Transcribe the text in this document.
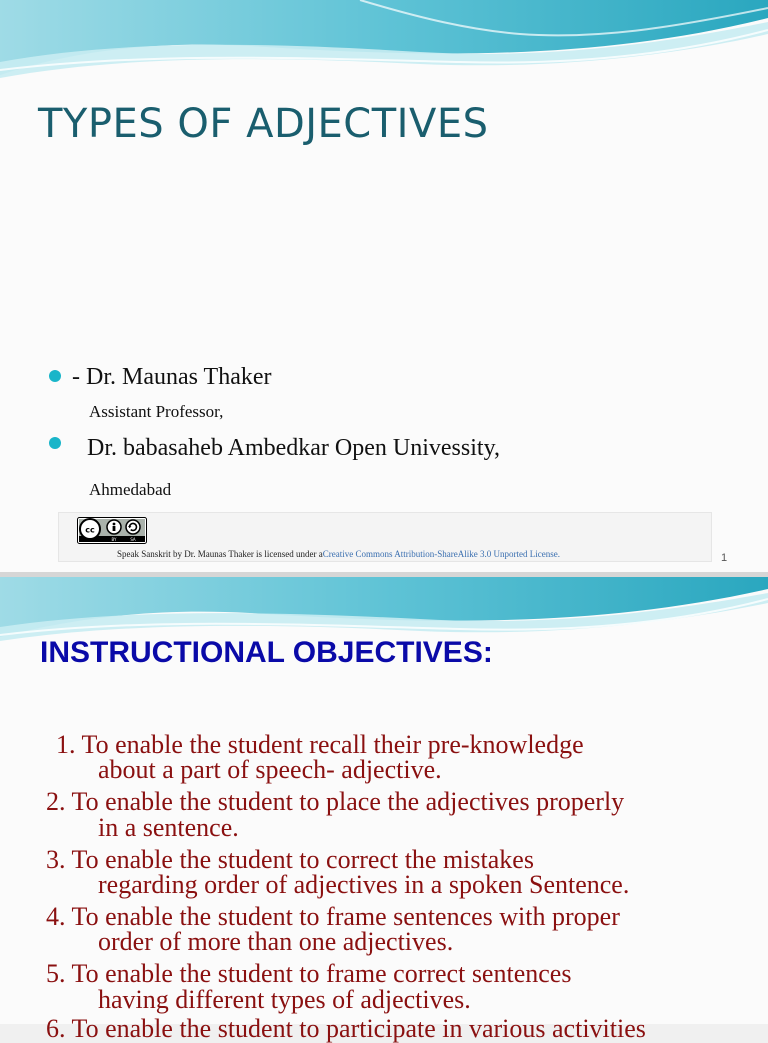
TYPES OF ADJECTIVES
- Dr. Maunas Thaker
Assistant Professor,
Dr. babasaheb Ambedkar Open Univessity,
Ahmedabad
cc
BY	SA
Speak Sanskrit by Dr. Maunas Thaker is licensed under aCreative Commons Attribution-ShareAlike 3.0 Unported License.	1
INSTRUCTIONAL OBJECTIVES:
1. To enable the student recall their pre-knowledge
about a part of speech- adjective.
2. To enable the student to place the adjectives properly
in a sentence.
3. To enable the student to correct the mistakes
regarding order of adjectives in a spoken Sentence.
4. To enable the student to frame sentences with proper
order of more than one adjectives.
5. To enable the student to frame correct sentences
having different types of adjectives.
6. To enable the student to participate in various activities
